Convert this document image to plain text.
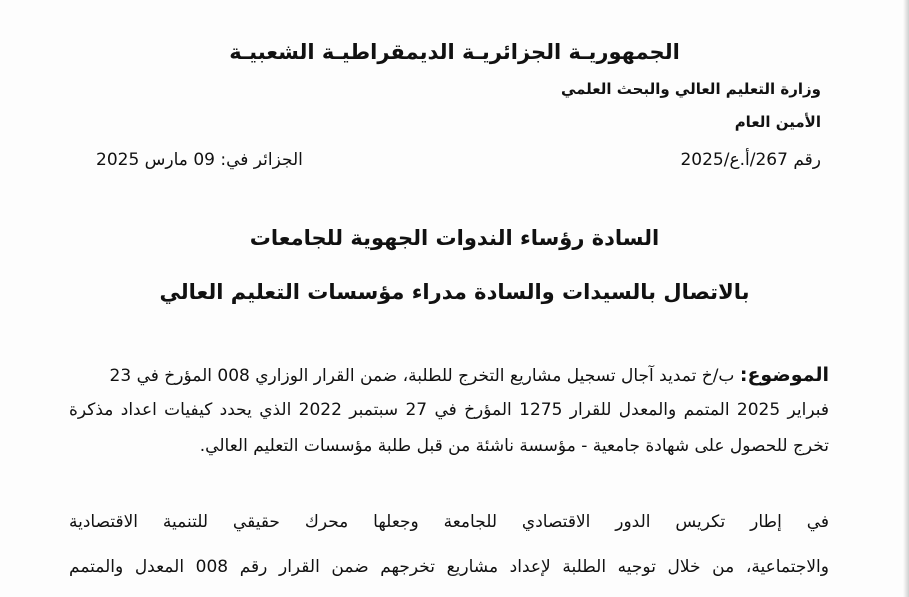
الجمهوريـة الجزائريـة الديمقراطيـة الشعبيـة
وزارة التعليم العالي والبحث العلمي
الأمين العام
رقم 267/أ.ع/2025
الجزائر في: 09 مارس 2025
السادة رؤساء الندوات الجهوية للجامعات
بالاتصال بالسيدات والسادة مدراء مؤسسات التعليم العالي
الموضوع: ب/خ تمديد آجال تسجيل مشاريع التخرج للطلبة، ضمن القرار الوزاري 008 المؤرخ في 23
فبراير 2025 المتمم والمعدل للقرار 1275 المؤرخ في 27 سبتمبر 2022 الذي يحدد كيفيات اعداد مذكرة
تخرج للحصول على شهادة جامعية - مؤسسة ناشئة من قبل طلبة مؤسسات التعليم العالي.
في إطار تكريس الدور الاقتصادي للجامعة وجعلها محرك حقيقي للتنمية الاقتصادية
والاجتماعية، من خلال توجيه الطلبة لإعداد مشاريع تخرجهم ضمن القرار رقم 008 المعدل والمتمم
